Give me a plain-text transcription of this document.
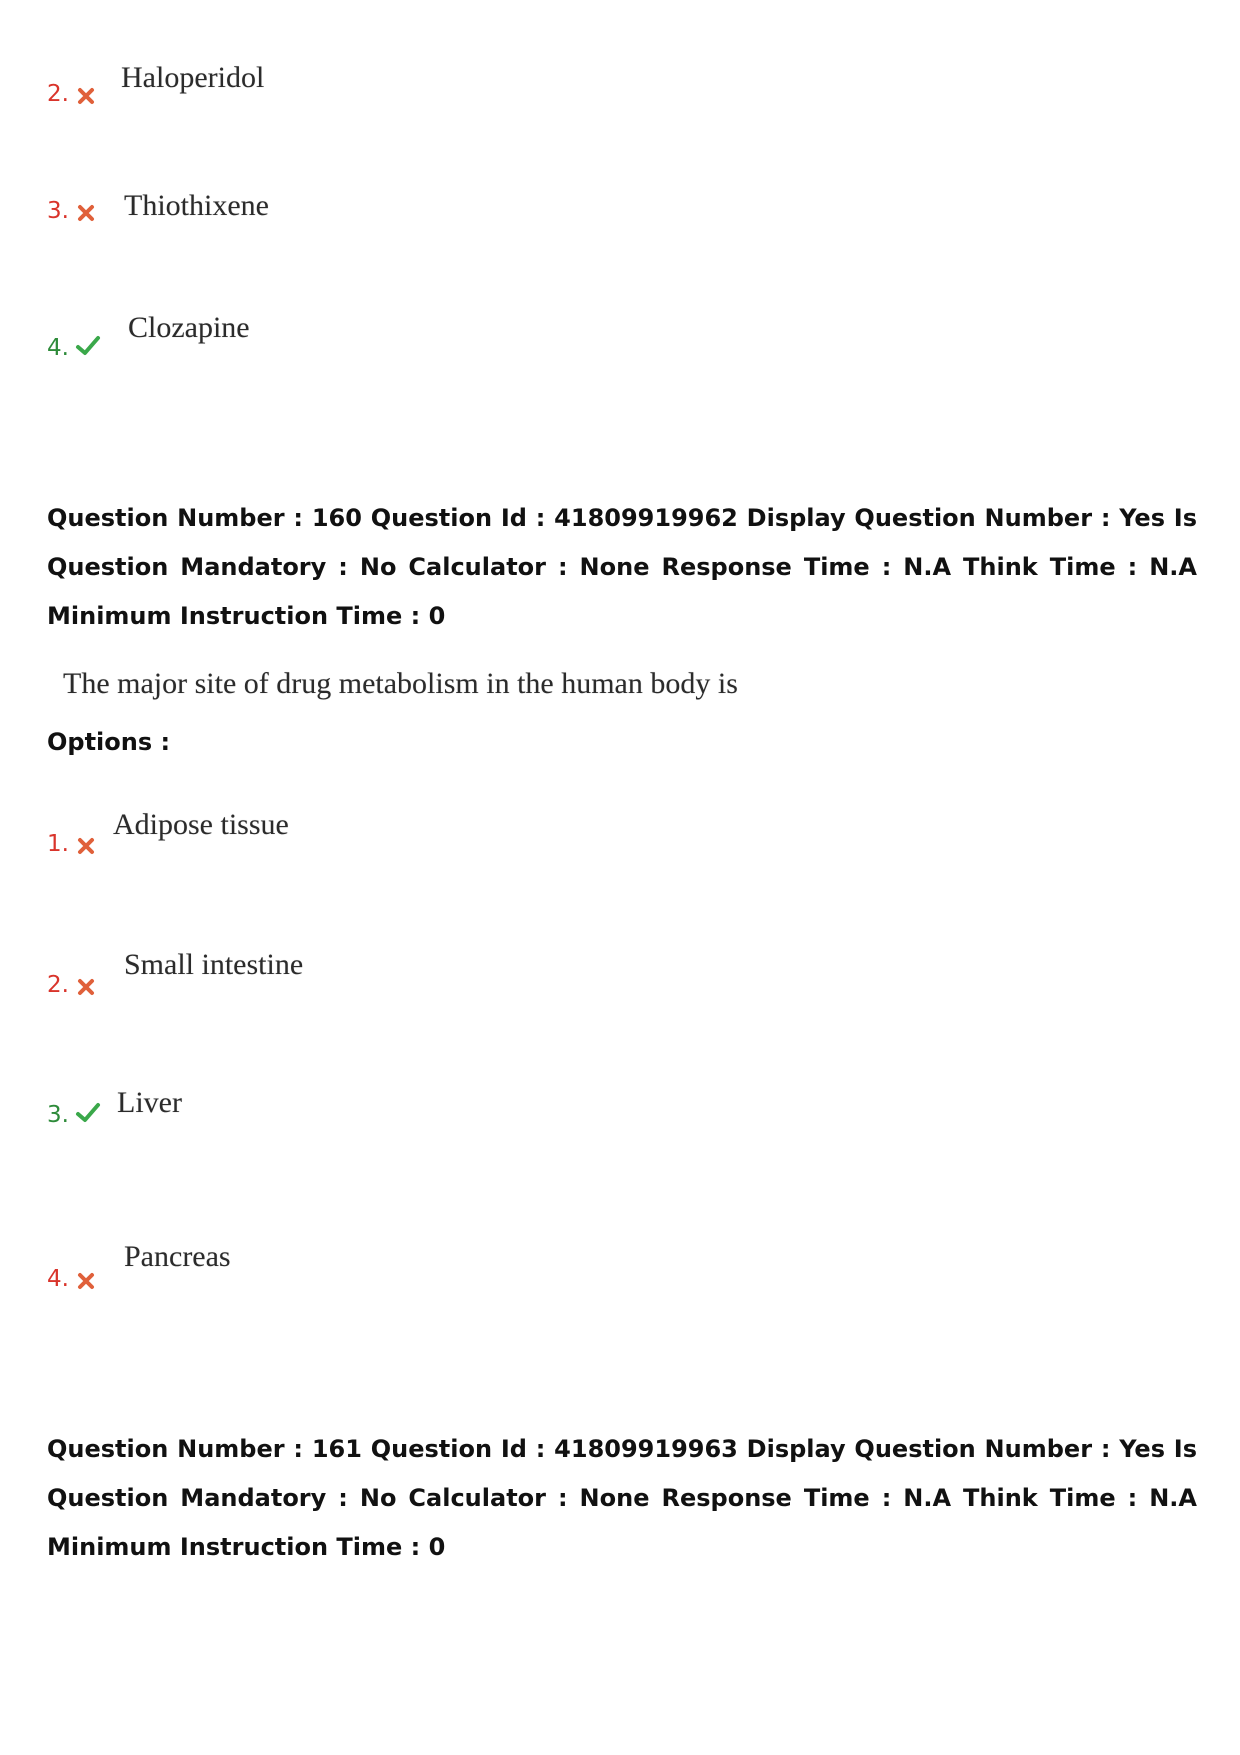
2. Haloperidol
3. Thiothixene
4.
Clozapine
Question Number : 160 Question Id : 41809919962 Display Question Number : Yes Is Question Mandatory : No Calculator : None Response Time : N.A Think Time : N.A Minimum Instruction Time : 0
The major site of drug metabolism in the human body is
Options :
1.
Adipose tissue
2.
Small intestine
3. Liver
4.
Pancreas
Question Number : 161 Question Id : 41809919963 Display Question Number : Yes Is Question Mandatory : No Calculator : None Response Time : N.A Think Time : N.A Minimum Instruction Time : 0
